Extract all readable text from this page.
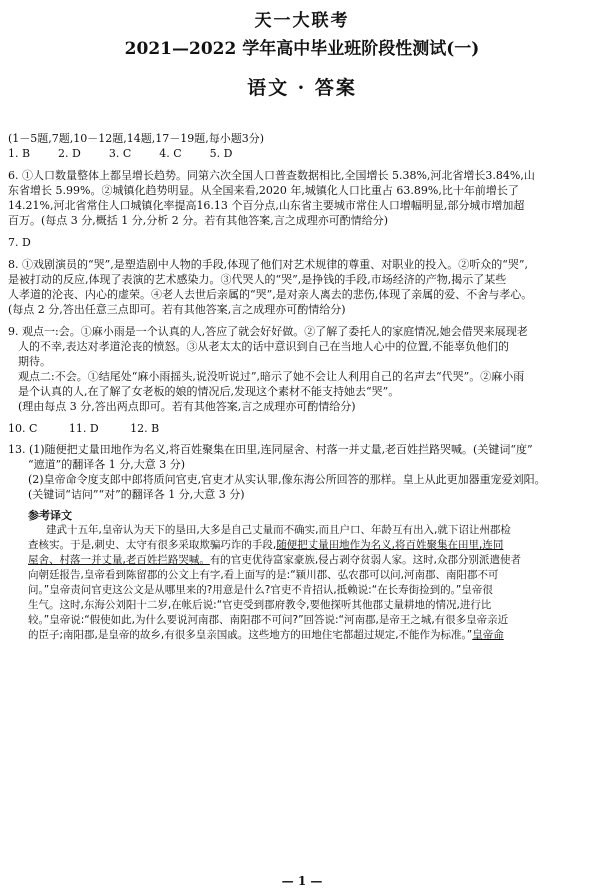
天一大联考
2021—2022 学年高中毕业班阶段性测试(一)
语文 · 答案

(1－5题,7题,10－12题,14题,17－19题,每小题3分)

1. B        2. D        3. C        4. C        5. D

6. ①人口数量整体上都呈增长趋势。同第六次全国人口普查数据相比,全国增长 5.38%,河北省增长3.84%,山

东省增长 5.99%。②城镇化趋势明显。从全国来看,2020 年,城镇化人口比重占 63.89%,比十年前增长了

14.21%,河北省常住人口城镇化率提高16.13 个百分点,山东省主要城市常住人口增幅明显,部分城市增加超

百万。(每点 3 分,概括 1 分,分析 2 分。若有其他答案,言之成理亦可酌情给分)

7. D

8. ①戏剧演员的“哭”,是塑造剧中人物的手段,体现了他们对艺术规律的尊重、对职业的投入。②听众的“哭”,

是被打动的反应,体现了表演的艺术感染力。③代哭人的“哭”,是挣钱的手段,市场经济的产物,揭示了某些

人孝道的沦丧、内心的虚荣。④老人去世后亲属的“哭”,是对亲人离去的悲伤,体现了亲属的爱、不舍与孝心。

(每点 2 分,答出任意三点即可。若有其他答案,言之成理亦可酌情给分)

9. 观点一:会。①麻小雨是一个认真的人,答应了就会好好做。②了解了委托人的家庭情况,她会借哭来展现老

人的不幸,表达对孝道沦丧的愤怒。③从老太太的话中意识到自己在当地人心中的位置,不能辜负他们的

期待。

观点二:不会。①结尾处“麻小雨摇头,说没听说过”,暗示了她不会让人利用自己的名声去“代哭”。②麻小雨

是个认真的人,在了解了女老板的娘的情况后,发现这个素材不能支持她去“哭”。

(理由每点 3 分,答出两点即可。若有其他答案,言之成理亦可酌情给分)

10. C         11. D         12. B

13. (1)随便把丈量田地作为名义,将百姓聚集在田里,连同屋舍、村落一并丈量,老百姓拦路哭喊。(关键词“度”

“遮道”的翻译各 1 分,大意 3 分)

(2)皇帝命令度支郎中郎将质问官吏,官吏才从实认罪,像东海公所回答的那样。皇上从此更加器重宠爱刘阳。

(关键词“诘问”“对”的翻译各 1 分,大意 3 分)

参考译文

建武十五年,皇帝认为天下的垦田,大多是自己丈量而不确实,而且户口、年龄互有出入,就下诏让州郡检

查核实。于是,刺史、太守有很多采取欺骗巧诈的手段,随便把丈量田地作为名义,将百姓聚集在田里,连同

屋舍、村落一并丈量,老百姓拦路哭喊。有的官吏优待富家豪族,侵占剥夺贫弱人家。这时,众郡分别派遣使者

向朝廷报告,皇帝看到陈留郡的公文上有字,看上面写的是:“颍川郡、弘农郡可以问,河南郡、南阳郡不可

问。”皇帝责问官吏这公文是从哪里来的?用意是什么?官吏不肯招认,抵赖说:“在长寿街捡到的。”皇帝很

生气。这时,东海公刘阳十二岁,在帐后说:“官吏受到郡府教令,要他探听其他郡丈量耕地的情况,进行比

较。”皇帝说:“假使如此,为什么要说河南郡、南阳郡不可问?”回答说:“河南郡,是帝王之城,有很多皇帝亲近

的臣子;南阳郡,是皇帝的故乡,有很多皇亲国戚。这些地方的田地住宅都超过规定,不能作为标准。”皇帝命

— 1 —
